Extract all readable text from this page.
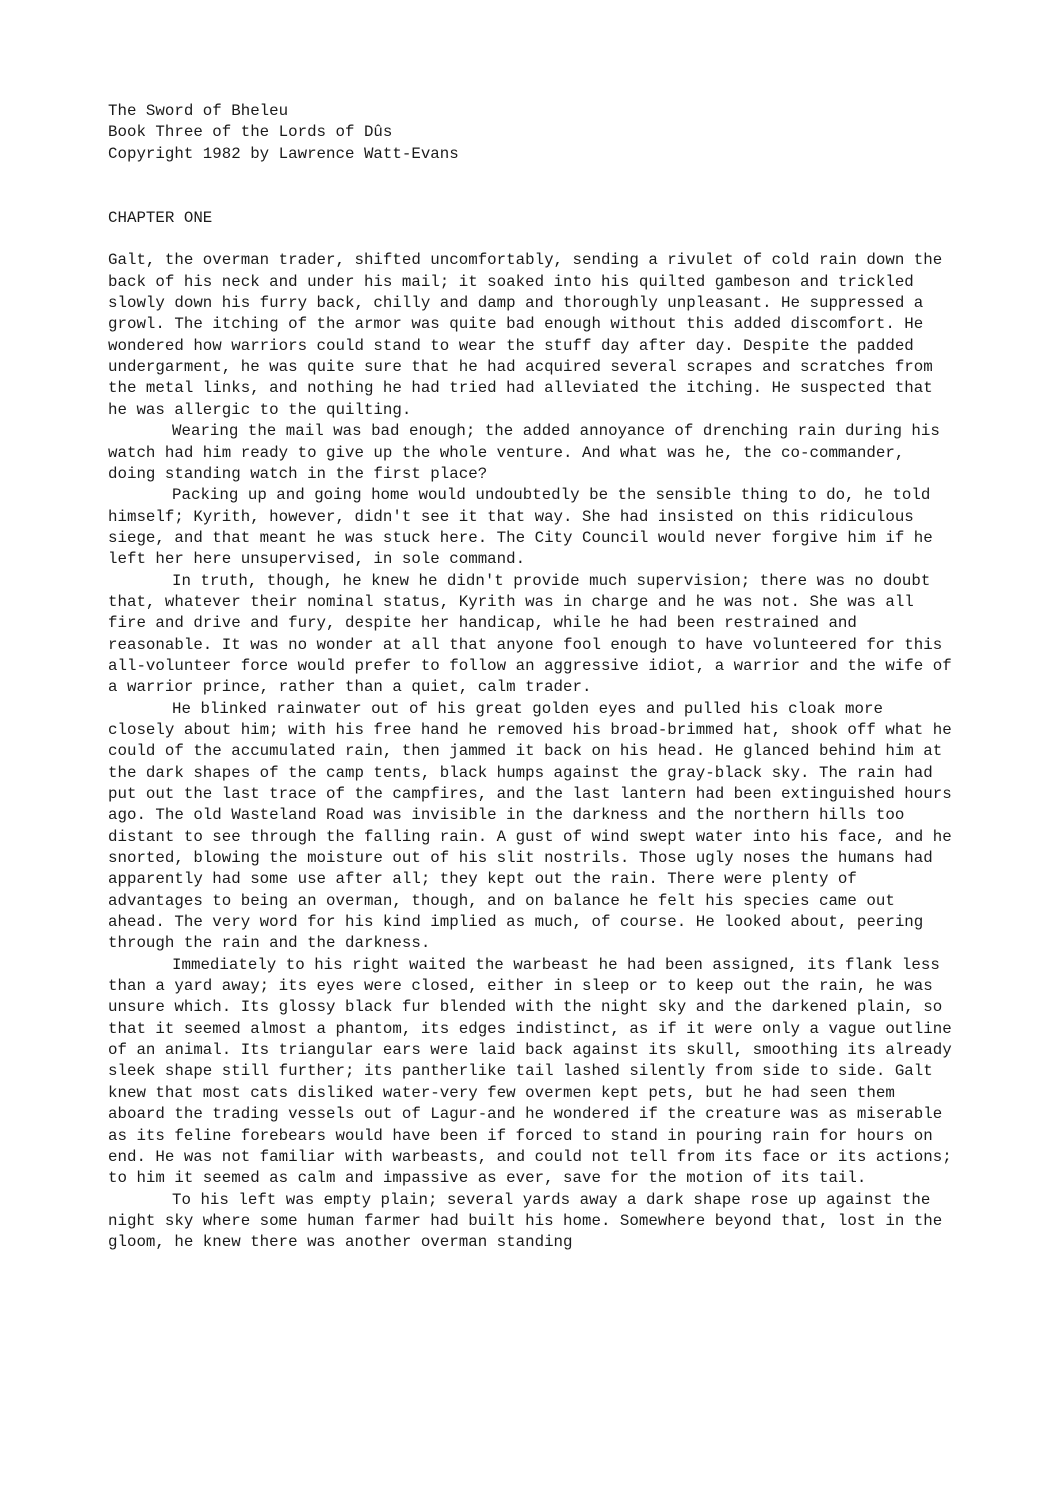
The Sword of Bheleu
Book Three of the Lords of Dûs
Copyright 1982 by Lawrence Watt-Evans
CHAPTER ONE

Galt, the overman trader, shifted uncomfortably, sending a rivulet of cold rain down the back of his neck and under his mail; it soaked into his quilted gambeson and trickled slowly down his furry back, chilly and damp and thoroughly unpleasant. He suppressed a growl. The itching of the armor was quite bad enough without this added discomfort. He wondered how warriors could stand to wear the stuff day after day. Despite the padded undergarment, he was quite sure that he had acquired several scrapes and scratches from the metal links, and nothing he had tried had alleviated the itching. He suspected that he was allergic to the quilting.

Wearing the mail was bad enough; the added annoyance of drenching rain during his watch had him ready to give up the whole venture. And what was he, the co-commander, doing standing watch in the first place?

Packing up and going home would undoubtedly be the sensible thing to do, he told himself; Kyrith, however, didn't see it that way. She had insisted on this ridiculous siege, and that meant he was stuck here. The City Council would never forgive him if he left her here unsupervised, in sole command.

In truth, though, he knew he didn't provide much supervision; there was no doubt that, whatever their nominal status, Kyrith was in charge and he was not. She was all fire and drive and fury, despite her handicap, while he had been restrained and reasonable. It was no wonder at all that anyone fool enough to have volunteered for this all-volunteer force would prefer to follow an aggressive idiot, a warrior and the wife of a warrior prince, rather than a quiet, calm trader.

He blinked rainwater out of his great golden eyes and pulled his cloak more closely about him; with his free hand he removed his broad-brimmed hat, shook off what he could of the accumulated rain, then jammed it back on his head. He glanced behind him at the dark shapes of the camp tents, black humps against the gray-black sky. The rain had put out the last trace of the campfires, and the last lantern had been extinguished hours ago. The old Wasteland Road was invisible in the darkness and the northern hills too distant to see through the falling rain. A gust of wind swept water into his face, and he snorted, blowing the moisture out of his slit nostrils. Those ugly noses the humans had apparently had some use after all; they kept out the rain. There were plenty of advantages to being an overman, though, and on balance he felt his species came out ahead. The very word for his kind implied as much, of course. He looked about, peering through the rain and the darkness.

Immediately to his right waited the warbeast he had been assigned, its flank less than a yard away; its eyes were closed, either in sleep or to keep out the rain, he was unsure which. Its glossy black fur blended with the night sky and the darkened plain, so that it seemed almost a phantom, its edges indistinct, as if it were only a vague outline of an animal. Its triangular ears were laid back against its skull, smoothing its already sleek shape still further; its pantherlike tail lashed silently from side to side. Galt knew that most cats disliked water-very few overmen kept pets, but he had seen them aboard the trading vessels out of Lagur-and he wondered if the creature was as miserable as its feline forebears would have been if forced to stand in pouring rain for hours on end. He was not familiar with warbeasts, and could not tell from its face or its actions; to him it seemed as calm and impassive as ever, save for the motion of its tail.

To his left was empty plain; several yards away a dark shape rose up against the night sky where some human farmer had built his home. Somewhere beyond that, lost in the gloom, he knew there was another overman standing
